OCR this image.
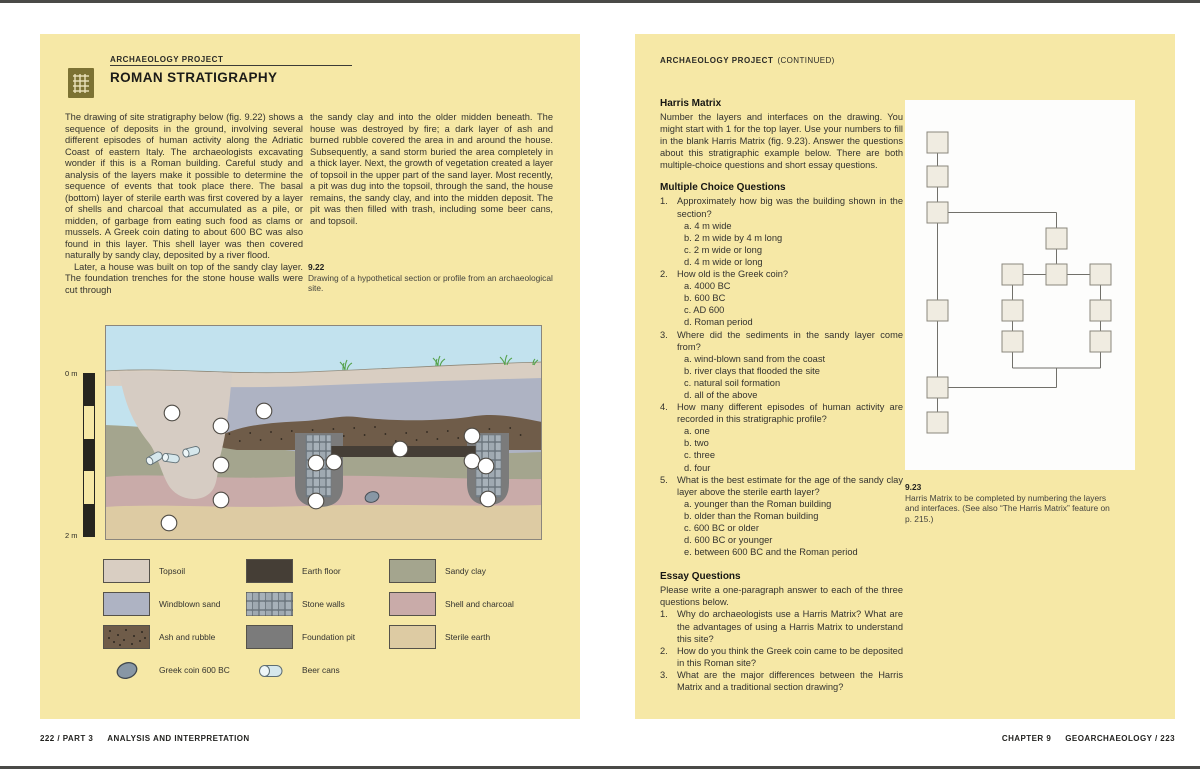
ARCHAEOLOGY PROJECT
ROMAN STRATIGRAPHY

The drawing of site stratigraphy below (fig. 9.22) shows a sequence of deposits in the ground, involving several different episodes of human activity along the Adriatic Coast of eastern Italy. The archaeologists excavating wonder if this is a Roman building. Careful study and analysis of the layers make it possible to determine the sequence of events that took place there. The basal (bottom) layer of sterile earth was first covered by a layer of shells and charcoal that accumulated as a pile, or midden, of garbage from eating such food as clams or mussels. A Greek coin dating to about 600 BC was also found in this layer. This shell layer was then covered naturally by sandy clay, deposited by a river flood.

Later, a house was built on top of the sandy clay layer. The foundation trenches for the stone house walls were cut through

the sandy clay and into the older midden beneath. The house was destroyed by fire; a dark layer of ash and burned rubble covered the area in and around the house. Subsequently, a sand storm buried the area completely in a thick layer. Next, the growth of vegetation created a layer of topsoil in the upper part of the sand layer. Most recently, a pit was dug into the topsoil, through the sand, the house remains, the sandy clay, and into the midden deposit. The pit was then filled with trash, including some beer cans, and topsoil.

9.22
Drawing of a hypothetical section or profile from an archaeological site.
0 m
2 m
Topsoil
Windblown sand
Ash and rubble
Greek coin 600 BC
Earth floor
Stone walls
Foundation pit
Beer cans
Sandy clay
Shell and charcoal
Sterile earth
ARCHAEOLOGY PROJECT (CONTINUED)
Harris Matrix

Number the layers and interfaces on the drawing. You might start with 1 for the top layer. Use your numbers to fill in the blank Harris Matrix (fig. 9.23). Answer the questions about this stratigraphic example below. There are both multiple-choice questions and short essay questions.

Multiple Choice Questions
1. Approximately how big was the building shown in the section?
a. 4 m wide
b. 2 m wide by 4 m long
c. 2 m wide or long
d. 4 m wide or long
2. How old is the Greek coin?
a. 4000 BC
b. 600 BC
c. AD 600
d. Roman period
3. Where did the sediments in the sandy layer come from?
a. wind-blown sand from the coast
b. river clays that flooded the site
c. natural soil formation
d. all of the above
4. How many different episodes of human activity are recorded in this stratigraphic profile?
a. one
b. two
c. three
d. four
5. What is the best estimate for the age of the sandy clay layer above the sterile earth layer?
a. younger than the Roman building
b. older than the Roman building
c. 600 BC or older
d. 600 BC or younger
e. between 600 BC and the Roman period
Essay Questions

Please write a one-paragraph answer to each of the three questions below.

1. Why do archaeologists use a Harris Matrix? What are the advantages of using a Harris Matrix to understand this site?
2. How do you think the Greek coin came to be deposited in this Roman site?
3. What are the major differences between the Harris Matrix and a traditional section drawing?
9.23
Harris Matrix to be completed by numbering the layers and interfaces. (See also “The Harris Matrix” feature on p. 215.)
222 / PART 3 ANALYSIS AND INTERPRETATION	CHAPTER 9 GEOARCHAEOLOGY / 223
